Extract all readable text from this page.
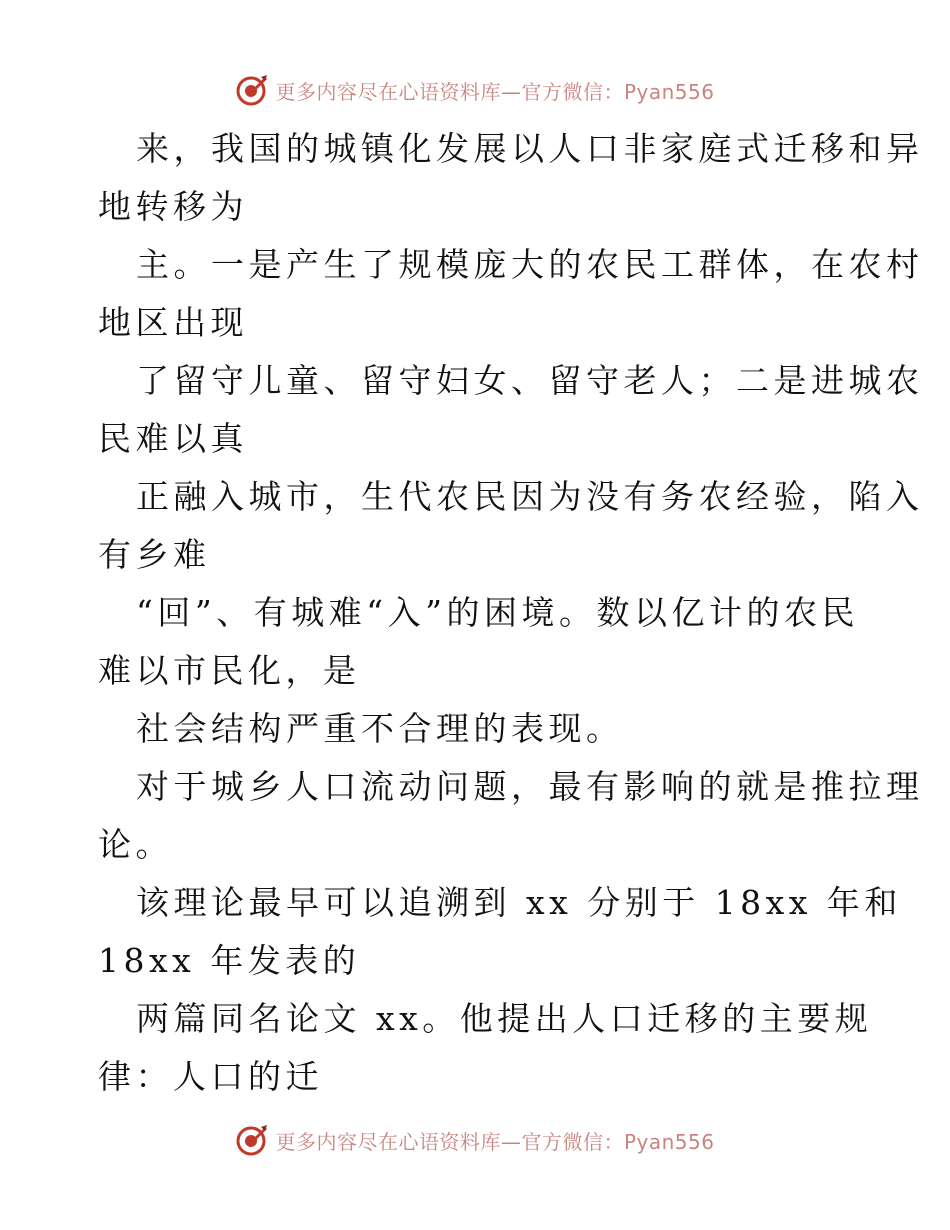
更多内容尽在心语资料库—官方微信：Pyan556
来，我国的城镇化发展以人口非家庭式迁移和异
地转移为
主。一是产生了规模庞大的农民工群体，在农村
地区出现
了留守儿童、留守妇女、留守老人；二是进城农
民难以真
正融入城市，生代农民因为没有务农经验，陷入
有乡难
“回”、有城难“入”的困境。数以亿计的农民
难以市民化，是
社会结构严重不合理的表现。
对于城乡人口流动问题，最有影响的就是推拉理
论。
该理论最早可以追溯到 xx 分别于 18xx 年和
18xx 年发表的
两篇同名论文 xx。他提出人口迁移的主要规
律：人口的迁
更多内容尽在心语资料库—官方微信：Pyan556
